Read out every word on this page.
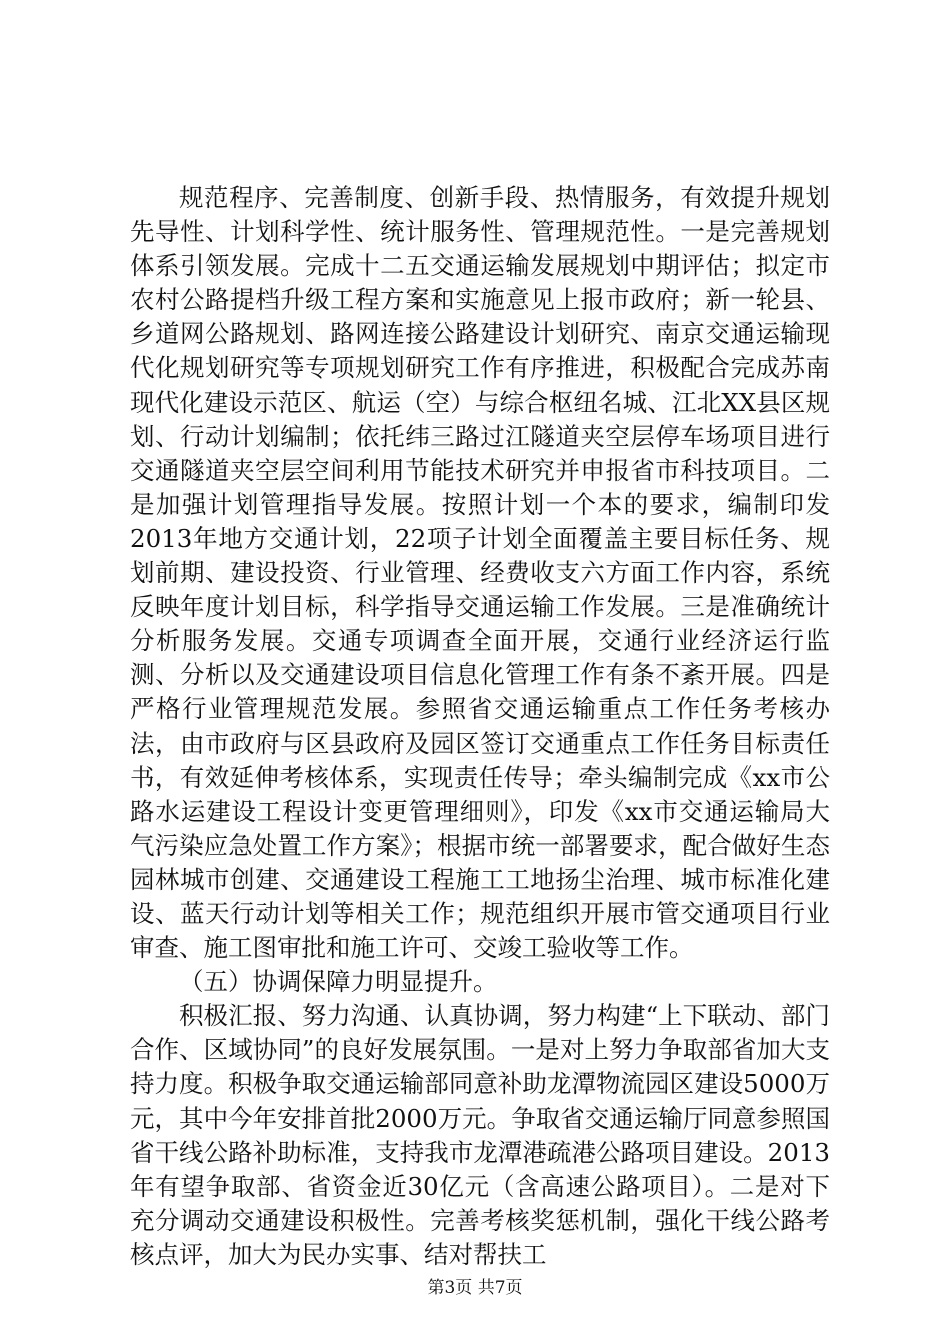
规范程序、完善制度、创新手段、热情服务，有效提升规划先导性、计划科学性、统计服务性、管理规范性。一是完善规划体系引领发展。完成十二五交通运输发展规划中期评估；拟定市农村公路提档升级工程方案和实施意见上报市政府；新一轮县、乡道网公路规划、路网连接公路建设计划研究、南京交通运输现代化规划研究等专项规划研究工作有序推进，积极配合完成苏南现代化建设示范区、航运（空）与综合枢纽名城、江北XX县区规划、行动计划编制；依托纬三路过江隧道夹空层停车场项目进行交通隧道夹空层空间利用节能技术研究并申报省市科技项目。二是加强计划管理指导发展。按照计划一个本的要求，编制印发2013年地方交通计划，22项子计划全面覆盖主要目标任务、规划前期、建设投资、行业管理、经费收支六方面工作内容，系统反映年度计划目标，科学指导交通运输工作发展。三是准确统计分析服务发展。交通专项调查全面开展，交通行业经济运行监测、分析以及交通建设项目信息化管理工作有条不紊开展。四是严格行业管理规范发展。参照省交通运输重点工作任务考核办法，由市政府与区县政府及园区签订交通重点工作任务目标责任书，有效延伸考核体系，实现责任传导；牵头编制完成《xx市公路水运建设工程设计变更管理细则》，印发《xx市交通运输局大气污染应急处置工作方案》；根据市统一部署要求，配合做好生态园林城市创建、交通建设工程施工工地扬尘治理、城市标准化建设、蓝天行动计划等相关工作；规范组织开展市管交通项目行业审查、施工图审批和施工许可、交竣工验收等工作。

（五）协调保障力明显提升。

积极汇报、努力沟通、认真协调，努力构建“上下联动、部门合作、区域协同”的良好发展氛围。一是对上努力争取部省加大支持力度。积极争取交通运输部同意补助龙潭物流园区建设5000万元，其中今年安排首批2000万元。争取省交通运输厅同意参照国省干线公路补助标准，支持我市龙潭港疏港公路项目建设。2013年有望争取部、省资金近30亿元（含高速公路项目）。二是对下充分调动交通建设积极性。完善考核奖惩机制，强化干线公路考核点评，加大为民办实事、结对帮扶工

第3页 共7页
